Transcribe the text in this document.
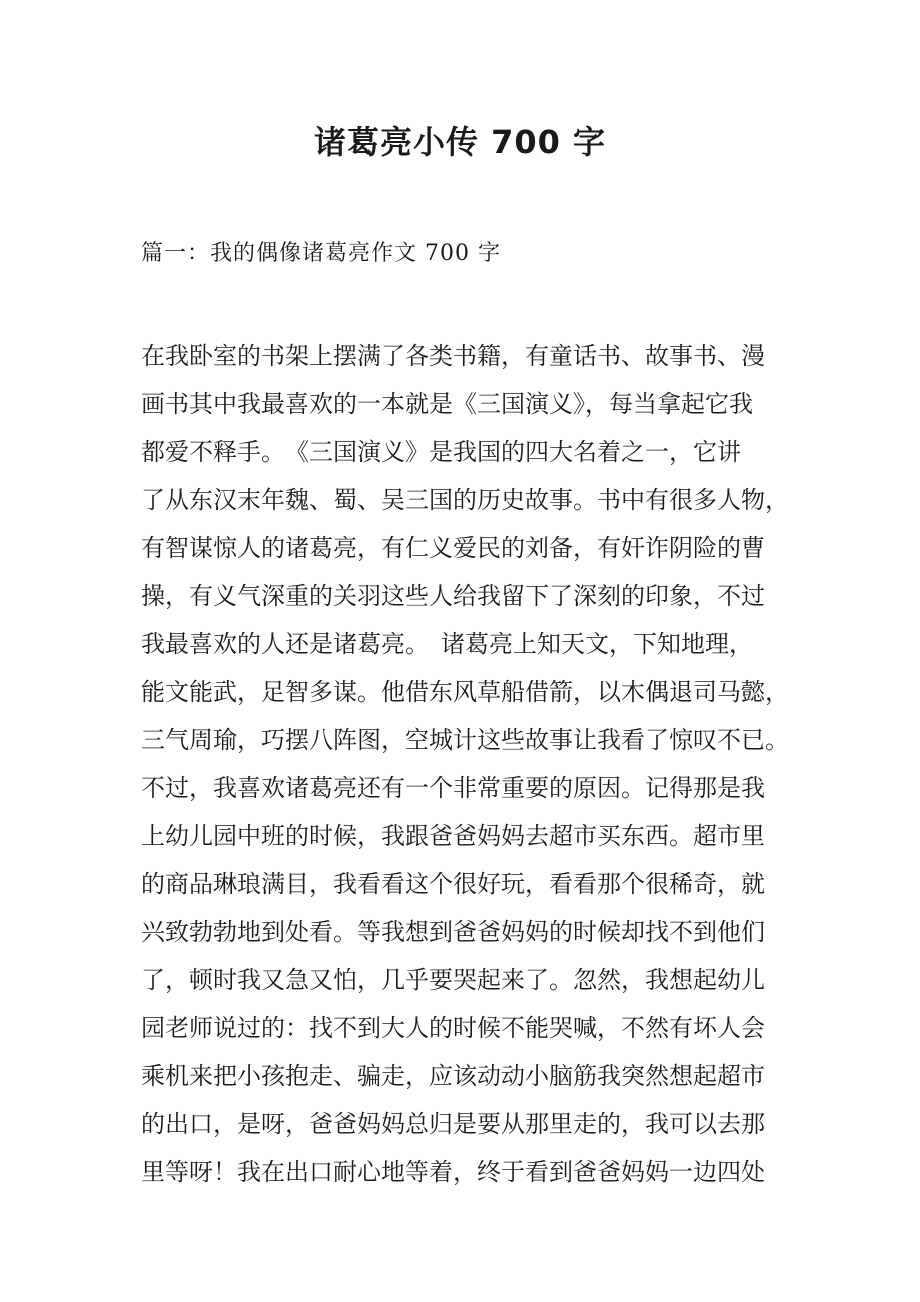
诸葛亮小传 700 字

篇一：我的偶像诸葛亮作文 700 字

在我卧室的书架上摆满了各类书籍，有童话书、故事书、漫
画书其中我最喜欢的一本就是《三国演义》，每当拿起它我
都爱不释手。　《三国演义》是我国的四大名着之一，它讲
了从东汉末年魏、蜀、吴三国的历史故事。书中有很多人物，
有智谋惊人的诸葛亮，有仁义爱民的刘备，有奸诈阴险的曹
操，有义气深重的关羽这些人给我留下了深刻的印象，不过
我最喜欢的人还是诸葛亮。　诸葛亮上知天文，下知地理，
能文能武，足智多谋。他借东风草船借箭，以木偶退司马懿，
三气周瑜，巧摆八阵图，空城计这些故事让我看了惊叹不已。
不过，我喜欢诸葛亮还有一个非常重要的原因。记得那是我
上幼儿园中班的时候，我跟爸爸妈妈去超市买东西。超市里
的商品琳琅满目，我看看这个很好玩，看看那个很稀奇，就
兴致勃勃地到处看。等我想到爸爸妈妈的时候却找不到他们
了，顿时我又急又怕，几乎要哭起来了。忽然，我想起幼儿
园老师说过的：找不到大人的时候不能哭喊，不然有坏人会
乘机来把小孩抱走、骗走，应该动动小脑筋我突然想起超市
的出口，是呀，爸爸妈妈总归是要从那里走的，我可以去那
里等呀！我在出口耐心地等着，终于看到爸爸妈妈一边四处
